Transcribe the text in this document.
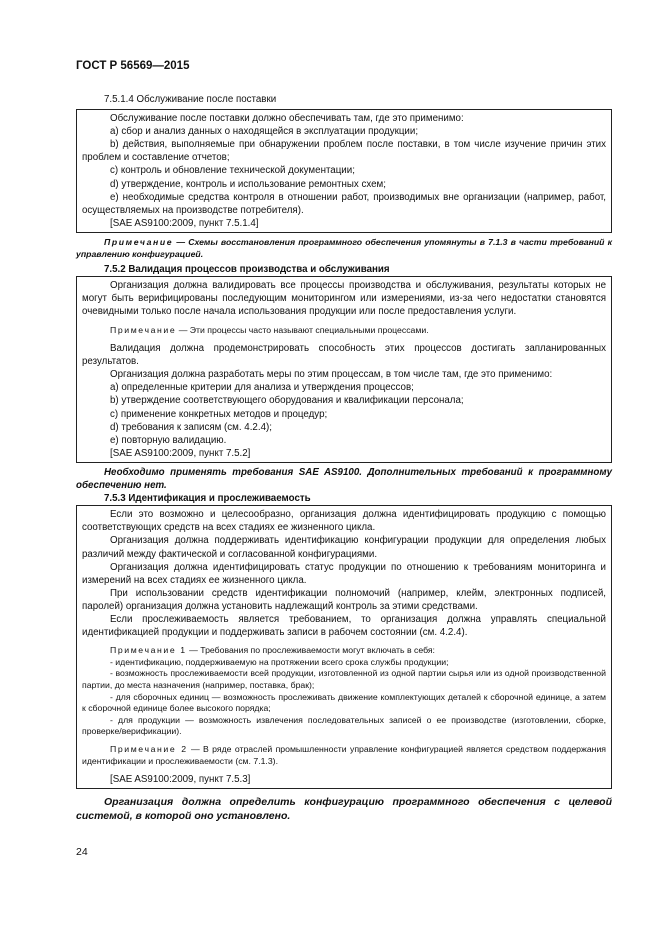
ГОСТ Р 56569—2015

7.5.1.4 Обслуживание после поставки

Обслуживание после поставки должно обеспечивать там, где это применимо:

a) сбор и анализ данных о находящейся в эксплуатации продукции;

b) действия, выполняемые при обнаружении проблем после поставки, в том числе изучение причин этих проблем и составление отчетов;

c) контроль и обновление технической документации;

d) утверждение, контроль и использование ремонтных схем;

e) необходимые средства контроля в отношении работ, производимых вне организации (например, работ, осуществляемых на производстве потребителя).

[SAE AS9100:2009, пункт 7.5.1.4]

Примечание — Схемы восстановления программного обеспечения упомянуты в 7.1.3 в части требований к управлению конфигурацией.

7.5.2 Валидация процессов производства и обслуживания

Организация должна валидировать все процессы производства и обслуживания, результаты которых не могут быть верифицированы последующим мониторингом или измерениями, из-за чего недостатки становятся очевидными только после начала использования продукции или после предоставления услуги.

Примечание — Эти процессы часто называют специальными процессами.

Валидация должна продемонстрировать способность этих процессов достигать запланированных результатов.

Организация должна разработать меры по этим процессам, в том числе там, где это применимо:

a) определенные критерии для анализа и утверждения процессов;

b) утверждение соответствующего оборудования и квалификации персонала;

c) применение конкретных методов и процедур;

d) требования к записям (см. 4.2.4);

e) повторную валидацию.

[SAE AS9100:2009, пункт 7.5.2]

Необходимо применять требования SAE AS9100. Дополнительных требований к программному обеспечению нет.

7.5.3 Идентификация и прослеживаемость

Если это возможно и целесообразно, организация должна идентифицировать продукцию с помощью соответствующих средств на всех стадиях ее жизненного цикла.

Организация должна поддерживать идентификацию конфигурации продукции для определения любых различий между фактической и согласованной конфигурациями.

Организация должна идентифицировать статус продукции по отношению к требованиям мониторинга и измерений на всех стадиях ее жизненного цикла.

При использовании средств идентификации полномочий (например, клейм, электронных подписей, паролей) организация должна установить надлежащий контроль за этими средствами.

Если прослеживаемость является требованием, то организация должна управлять специальной идентификацией продукции и поддерживать записи в рабочем состоянии (см. 4.2.4).

Примечание 1 — Требования по прослеживаемости могут включать в себя:

- идентификацию, поддерживаемую на протяжении всего срока службы продукции;

- возможность прослеживаемости всей продукции, изготовленной из одной партии сырья или из одной производственной партии, до места назначения (например, поставка, брак);

- для сборочных единиц — возможность прослеживать движение комплектующих деталей к сборочной единице, а затем к сборочной единице более высокого порядка;

- для продукции — возможность извлечения последовательных записей о ее производстве (изготовлении, сборке, проверке/верификации).

Примечание 2 — В ряде отраслей промышленности управление конфигурацией является средством поддержания идентификации и прослеживаемости (см. 7.1.3).

[SAE AS9100:2009, пункт 7.5.3]

Организация должна определить конфигурацию программного обеспечения с целевой системой, в которой оно установлено.

24
